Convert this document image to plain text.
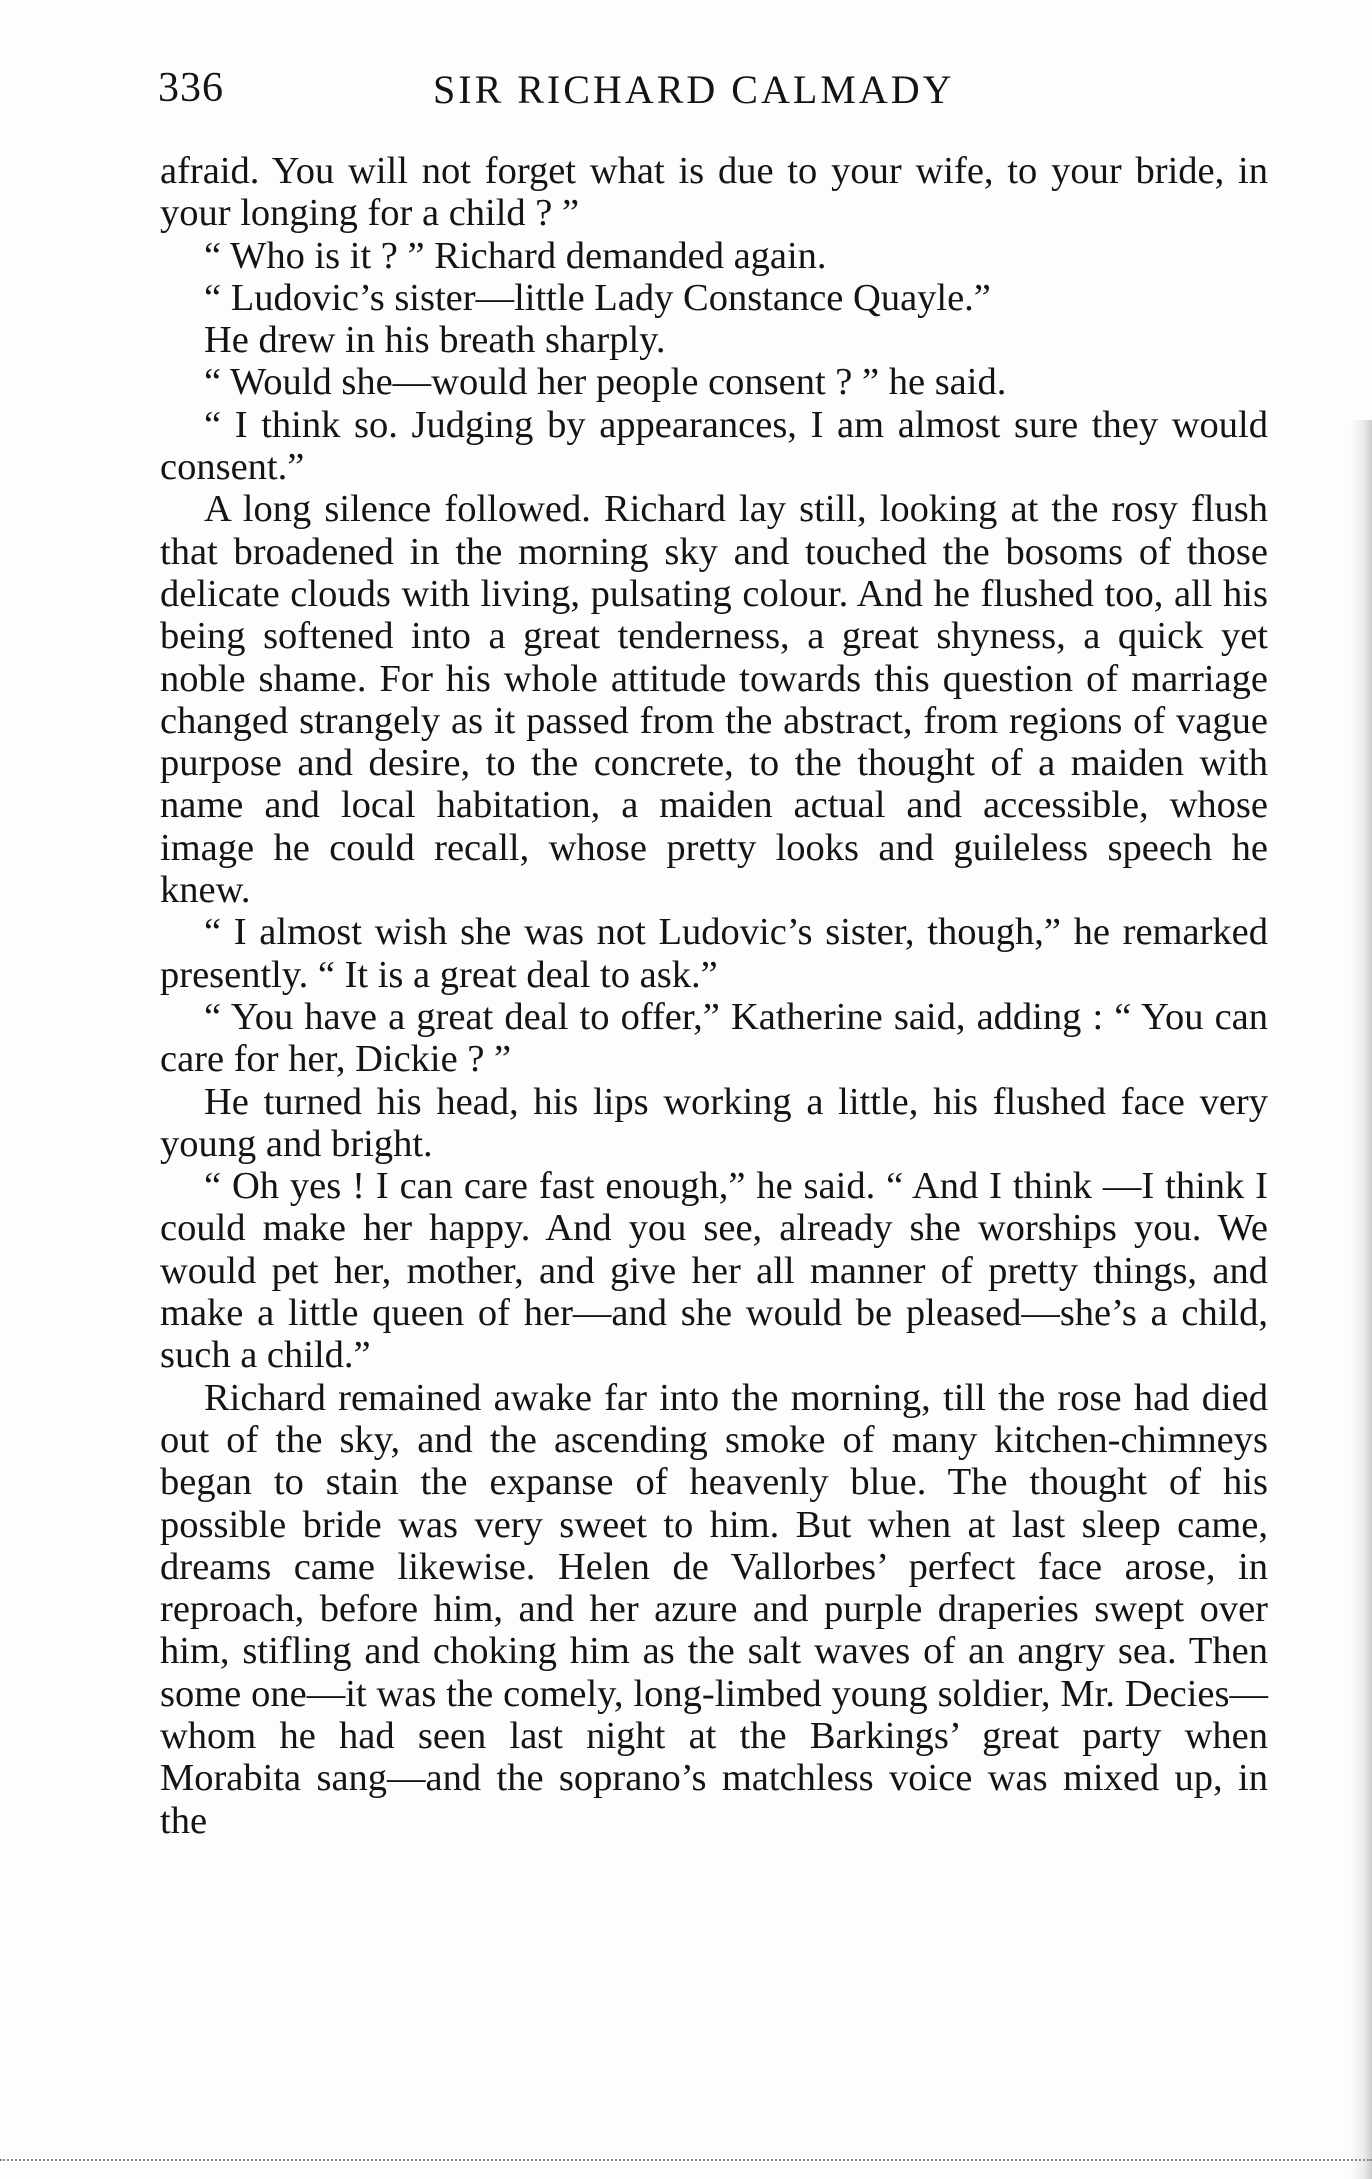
336	SIR RICHARD CALMADY

afraid. You will not forget what is due to your wife, to your bride, in your longing for a child ? ”

“ Who is it ? ” Richard demanded again.

“ Ludovic’s sister—little Lady Constance Quayle.”

He drew in his breath sharply.

“ Would she—would her people consent ? ” he said.

“ I think so. Judging by appearances, I am almost sure they would consent.”

A long silence followed. Richard lay still, looking at the rosy flush that broadened in the morning sky and touched the bosoms of those delicate clouds with living, pulsating colour. And he flushed too, all his being softened into a great tenderness, a great shyness, a quick yet noble shame. For his whole attitude towards this question of marriage changed strangely as it passed from the abstract, from regions of vague purpose and desire, to the concrete, to the thought of a maiden with name and local habitation, a maiden actual and accessible, whose image he could recall, whose pretty looks and guileless speech he knew.

“ I almost wish she was not Ludovic’s sister, though,” he remarked presently. “ It is a great deal to ask.”

“ You have a great deal to offer,” Katherine said, adding : “ You can care for her, Dickie ? ”

He turned his head, his lips working a little, his flushed face very young and bright.

“ Oh yes ! I can care fast enough,” he said. “ And I think —I think I could make her happy. And you see, already she worships you. We would pet her, mother, and give her all manner of pretty things, and make a little queen of her—and she would be pleased—she’s a child, such a child.”

Richard remained awake far into the morning, till the rose had died out of the sky, and the ascending smoke of many kitchen-chimneys began to stain the expanse of heavenly blue. The thought of his possible bride was very sweet to him. But when at last sleep came, dreams came likewise. Helen de Vallorbes’ perfect face arose, in reproach, before him, and her azure and purple draperies swept over him, stifling and choking him as the salt waves of an angry sea. Then some one—it was the comely, long-limbed young soldier, Mr. Decies—whom he had seen last night at the Barkings’ great party when Morabita sang—and the soprano’s matchless voice was mixed up, in the
